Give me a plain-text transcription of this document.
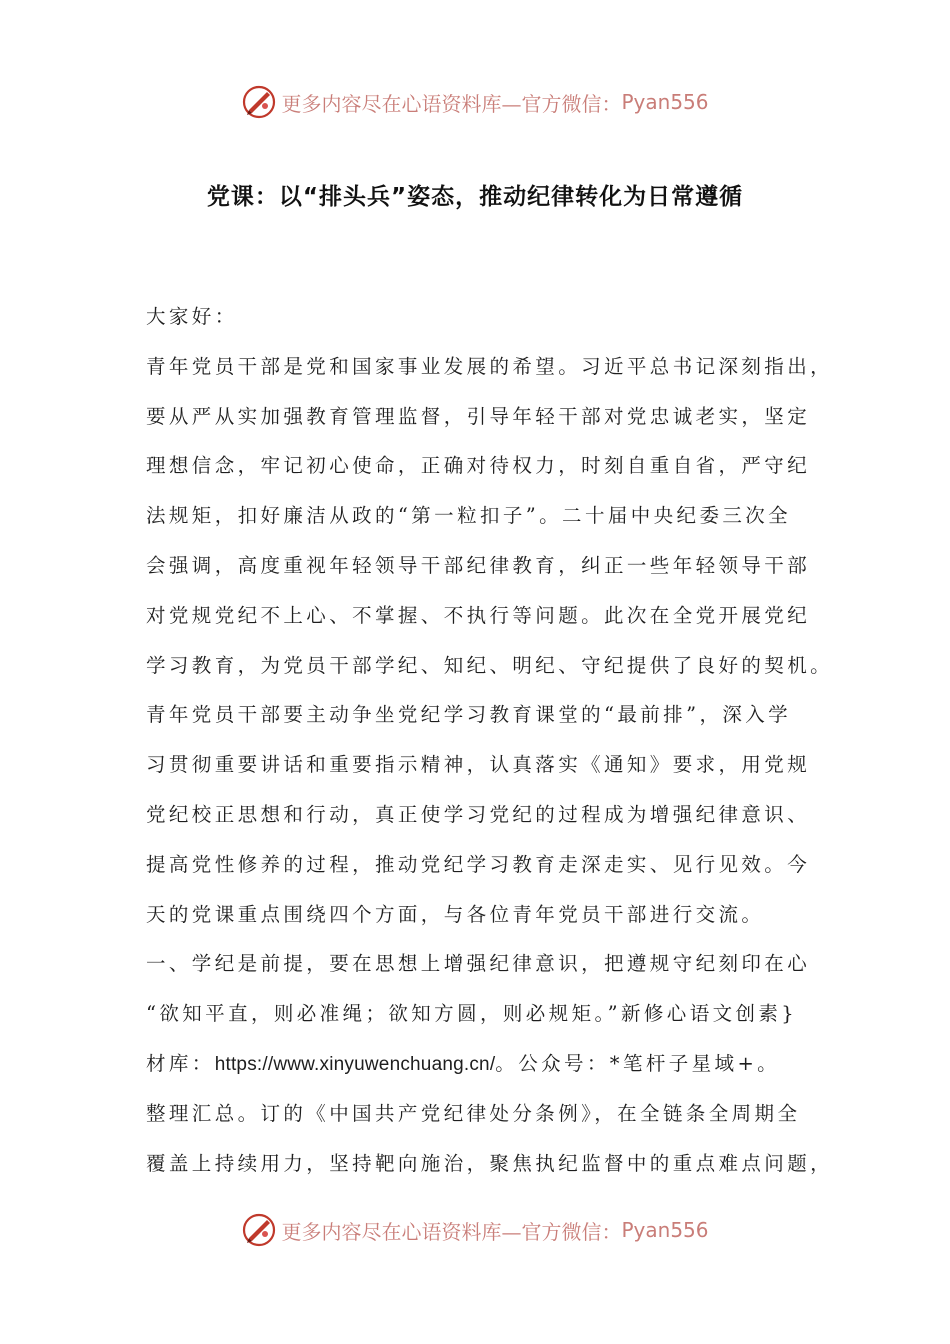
更多内容尽在心语资料库—官方微信： Pyan556
党课：以“排头兵”姿态，推动纪律转化为日常遵循
大家好：
青年党员干部是党和国家事业发展的希望。习近平总书记深刻指出，
要从严从实加强教育管理监督，引导年轻干部对党忠诚老实，坚定
理想信念，牢记初心使命，正确对待权力，时刻自重自省，严守纪
法规矩，扣好廉洁从政的“第一粒扣子”。二十届中央纪委三次全
会强调，高度重视年轻领导干部纪律教育，纠正一些年轻领导干部
对党规党纪不上心、不掌握、不执行等问题。此次在全党开展党纪
学习教育，为党员干部学纪、知纪、明纪、守纪提供了良好的契机。
青年党员干部要主动争坐党纪学习教育课堂的“最前排”，深入学
习贯彻重要讲话和重要指示精神，认真落实《通知》要求，用党规
党纪校正思想和行动，真正使学习党纪的过程成为增强纪律意识、
提高党性修养的过程，推动党纪学习教育走深走实、见行见效。今
天的党课重点围绕四个方面，与各位青年党员干部进行交流。
一、学纪是前提，要在思想上增强纪律意识，把遵规守纪刻印在心
“欲知平直，则必准绳；欲知方圆，则必规矩。”新修心语文创素}
材库：https://www.xinyuwenchuang.cn/。公众号：*笔杆子星域+。
整理汇总。订的《中国共产党纪律处分条例》，在全链条全周期全
覆盖上持续用力，坚持靶向施治，聚焦执纪监督中的重点难点问题，
更多内容尽在心语资料库—官方微信： Pyan556
